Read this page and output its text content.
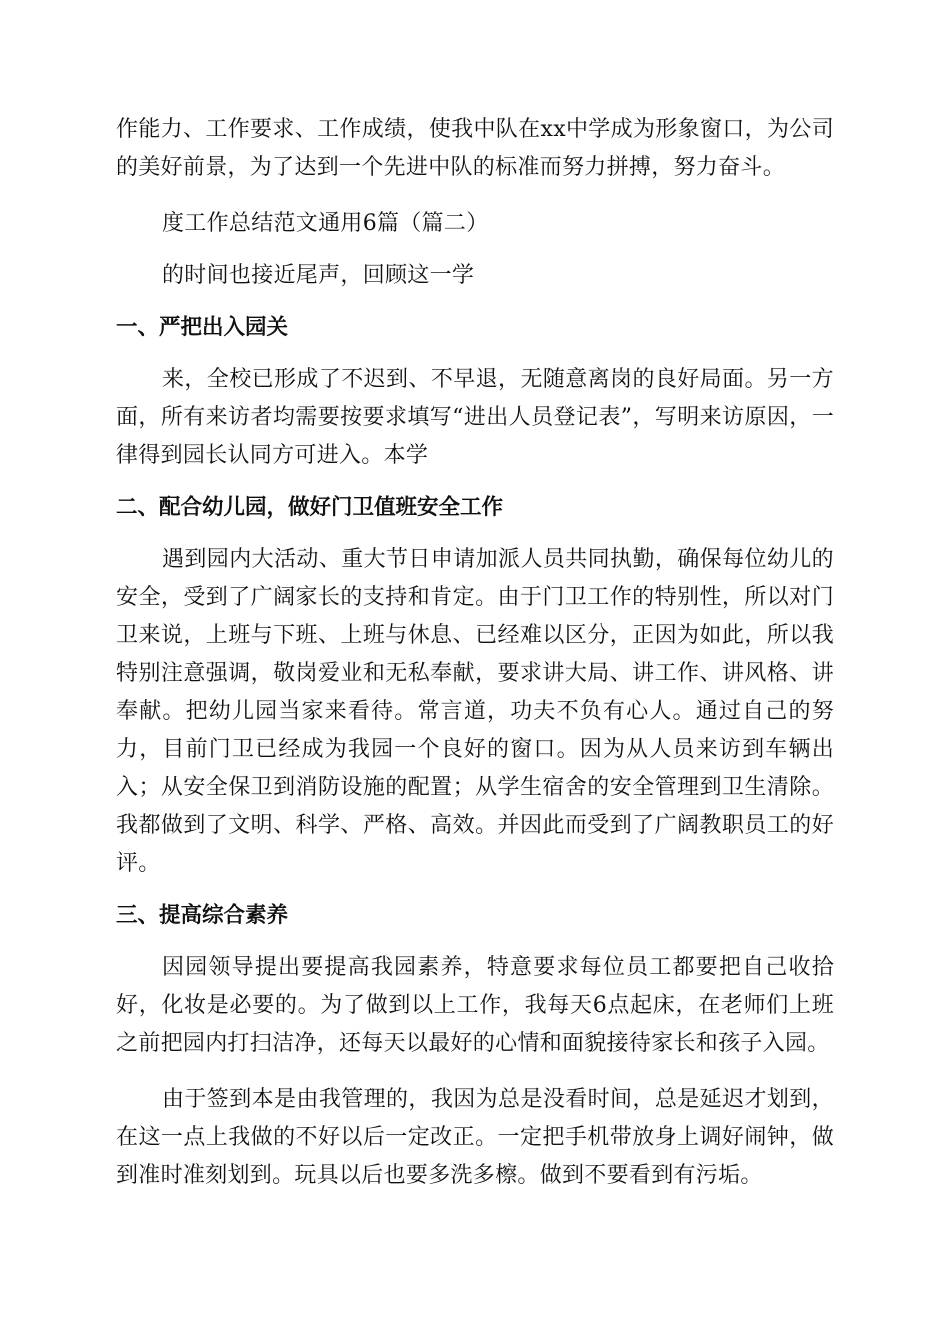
作能力、工作要求、工作成绩，使我中队在xx中学成为形象窗口，为公司的美好前景，为了达到一个先进中队的标准而努力拼搏，努力奋斗。

度工作总结范文通用6篇（篇二）

的时间也接近尾声，回顾这一学

一、严把出入园关

来，全校已形成了不迟到、不早退，无随意离岗的良好局面。另一方面，所有来访者均需要按要求填写“进出人员登记表”，写明来访原因，一律得到园长认同方可进入。本学

二、配合幼儿园，做好门卫值班安全工作

遇到园内大活动、重大节日申请加派人员共同执勤，确保每位幼儿的安全，受到了广阔家长的支持和肯定。由于门卫工作的特别性，所以对门卫来说，上班与下班、上班与休息、已经难以区分，正因为如此，所以我特别注意强调，敬岗爱业和无私奉献，要求讲大局、讲工作、讲风格、讲奉献。把幼儿园当家来看待。常言道，功夫不负有心人。通过自己的努力，目前门卫已经成为我园一个良好的窗口。因为从人员来访到车辆出入；从安全保卫到消防设施的配置；从学生宿舍的安全管理到卫生清除。我都做到了文明、科学、严格、高效。并因此而受到了广阔教职员工的好评。

三、提高综合素养

因园领导提出要提高我园素养，特意要求每位员工都要把自己收拾好，化妆是必要的。为了做到以上工作，我每天6点起床，在老师们上班之前把园内打扫洁净，还每天以最好的心情和面貌接待家长和孩子入园。

由于签到本是由我管理的，我因为总是没看时间，总是延迟才划到，在这一点上我做的不好以后一定改正。一定把手机带放身上调好闹钟，做到准时准刻划到。玩具以后也要多洗多檫。做到不要看到有污垢。
